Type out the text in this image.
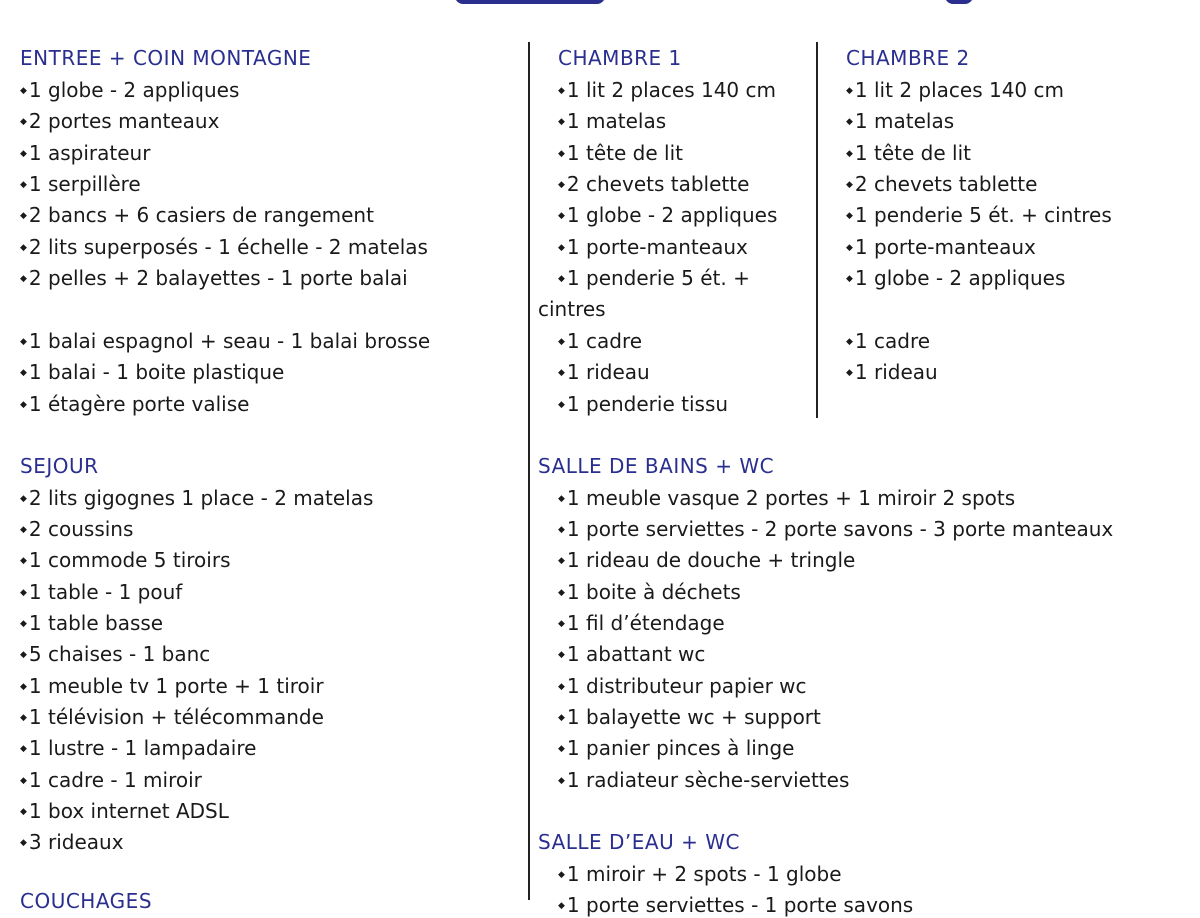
ENTREE + COIN MONTAGNE
◆ 1 globe - 2 appliques
◆ 2 portes manteaux
◆ 1 aspirateur
◆ 1 serpillère
◆ 2 bancs + 6 casiers de rangement
◆ 2 lits superposés - 1 échelle - 2 matelas
◆ 2 pelles + 2 balayettes - 1 porte balai
◆ 1 balai espagnol + seau - 1 balai brosse
◆ 1 balai - 1 boite plastique
◆ 1 étagère porte valise
SEJOUR
◆ 2 lits gigognes 1 place - 2 matelas
◆ 2 coussins
◆ 1 commode 5 tiroirs
◆ 1 table - 1 pouf
◆ 1 table basse
◆ 5 chaises - 1 banc
◆ 1 meuble tv 1 porte + 1 tiroir
◆ 1 télévision + télécommande
◆ 1 lustre - 1 lampadaire
◆ 1 cadre - 1 miroir
◆ 1 box internet ADSL
◆ 3 rideaux
COUCHAGES
CHAMBRE 1
◆ 1 lit 2 places 140 cm
◆ 1 matelas
◆ 1 tête de lit
◆ 2 chevets tablette
◆ 1 globe - 2 appliques
◆ 1 porte-manteaux
◆ 1 penderie 5 ét. +
cintres
◆ 1 cadre
◆ 1 rideau
◆ 1 penderie tissu
CHAMBRE 2
◆ 1 lit 2 places 140 cm
◆ 1 matelas
◆ 1 tête de lit
◆ 2 chevets tablette
◆ 1 penderie 5 ét. + cintres
◆ 1 porte-manteaux
◆ 1 globe - 2 appliques
◆ 1 cadre
◆ 1 rideau
SALLE DE BAINS + WC
◆ 1 meuble vasque 2 portes + 1 miroir 2 spots
◆ 1 porte serviettes - 2 porte savons - 3 porte manteaux
◆ 1 rideau de douche + tringle
◆ 1 boite à déchets
◆ 1 fil d’étendage
◆ 1 abattant wc
◆ 1 distributeur papier wc
◆ 1 balayette wc + support
◆ 1 panier pinces à linge
◆ 1 radiateur sèche-serviettes
SALLE D’EAU + WC
◆ 1 miroir + 2 spots - 1 globe
◆ 1 porte serviettes - 1 porte savons
